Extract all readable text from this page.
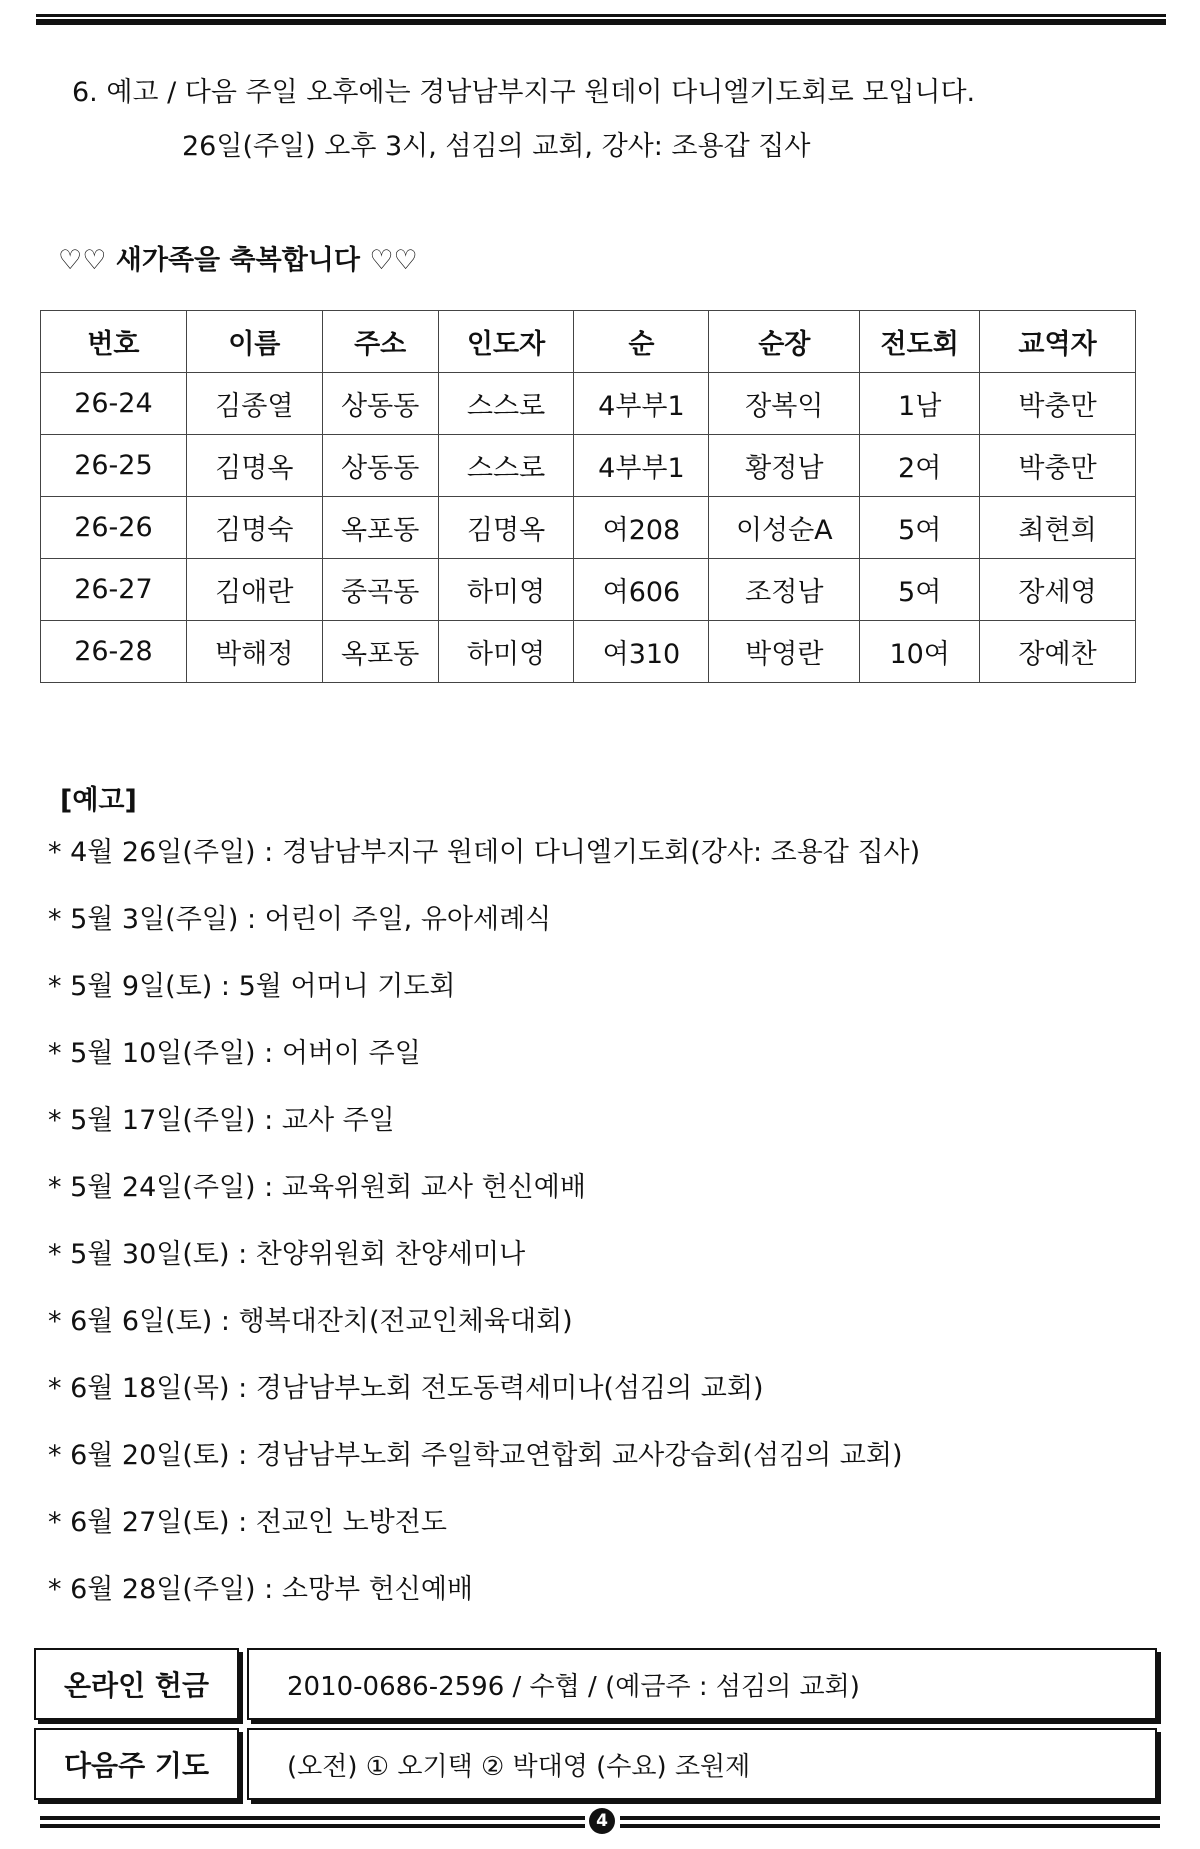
6. 예고 / 다음 주일 오후에는 경남남부지구 원데이 다니엘기도회로 모입니다.
26일(주일) 오후 3시, 섬김의 교회, 강사: 조용갑 집사
♡♡ 새가족을 축복합니다 ♡♡
번호	이름	주소	인도자	순	순장	전도회	교역자
26-24	김종열	상동동	스스로	4부부1	장복익	1남	박충만
26-25	김명옥	상동동	스스로	4부부1	황정남	2여	박충만
26-26	김명숙	옥포동	김명옥	여208	이성순A	5여	최현희
26-27	김애란	중곡동	하미영	여606	조정남	5여	장세영
26-28	박해정	옥포동	하미영	여310	박영란	10여	장예찬
[예고]
* 4월 26일(주일) : 경남남부지구 원데이 다니엘기도회(강사: 조용갑 집사)
* 5월 3일(주일) : 어린이 주일, 유아세례식
* 5월 9일(토) : 5월 어머니 기도회
* 5월 10일(주일) : 어버이 주일
* 5월 17일(주일) : 교사 주일
* 5월 24일(주일) : 교육위원회 교사 헌신예배
* 5월 30일(토) : 찬양위원회 찬양세미나
* 6월 6일(토) : 행복대잔치(전교인체육대회)
* 6월 18일(목) : 경남남부노회 전도동력세미나(섬김의 교회)
* 6월 20일(토) : 경남남부노회 주일학교연합회 교사강습회(섬김의 교회)
* 6월 27일(토) : 전교인 노방전도
* 6월 28일(주일) : 소망부 헌신예배
온라인 헌금	2010-0686-2596 / 수협 / (예금주 : 섬김의 교회)
다음주 기도	(오전) ① 오기택 ② 박대영 (수요) 조원제
4
